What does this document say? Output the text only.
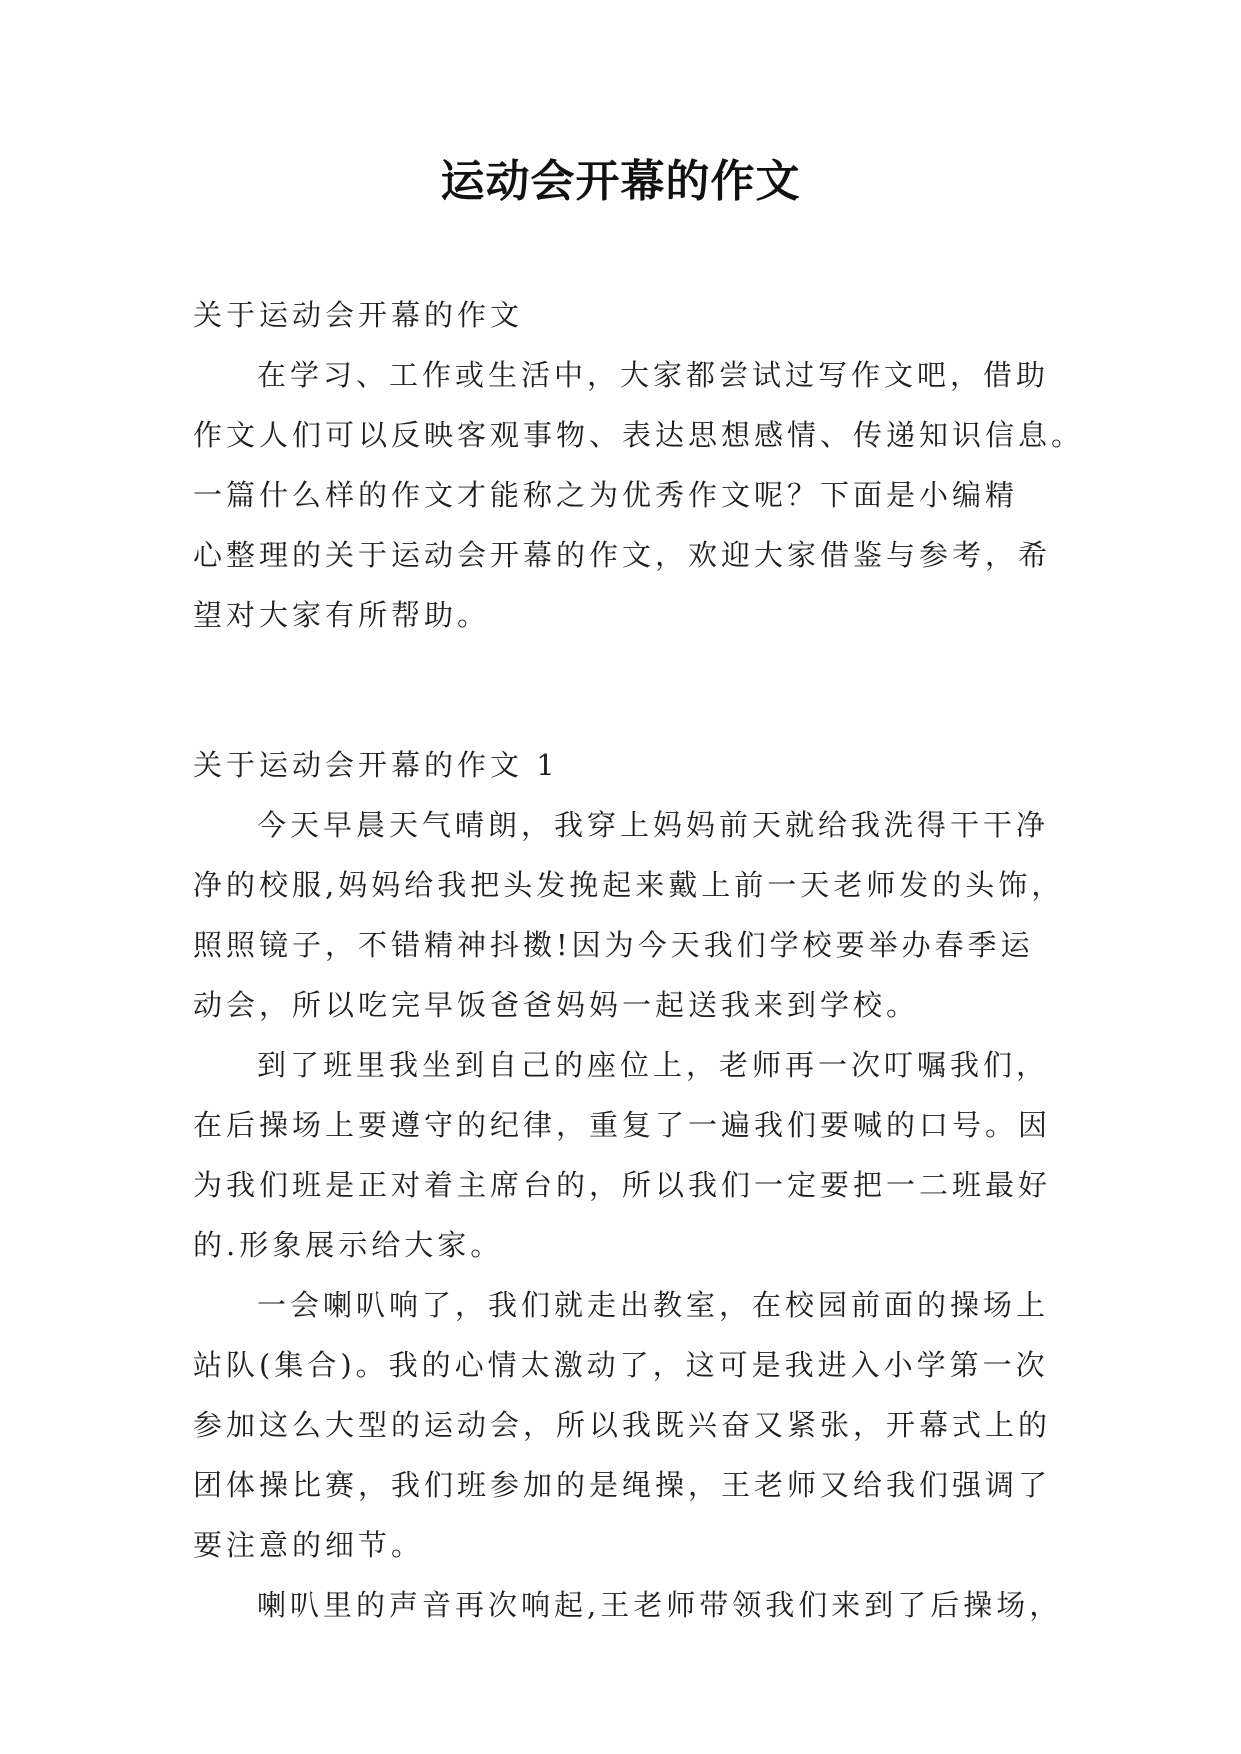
运动会开幕的作文
关于运动会开幕的作文
在学习、工作或生活中，大家都尝试过写作文吧，借助
作文人们可以反映客观事物、表达思想感情、传递知识信息。
一篇什么样的作文才能称之为优秀作文呢？下面是小编精
心整理的关于运动会开幕的作文，欢迎大家借鉴与参考，希
望对大家有所帮助。
关于运动会开幕的作文 1
今天早晨天气晴朗，我穿上妈妈前天就给我洗得干干净
净的校服,妈妈给我把头发挽起来戴上前一天老师发的头饰，
照照镜子，不错精神抖擞!因为今天我们学校要举办春季运
动会，所以吃完早饭爸爸妈妈一起送我来到学校。
到了班里我坐到自己的座位上，老师再一次叮嘱我们，
在后操场上要遵守的纪律，重复了一遍我们要喊的口号。因
为我们班是正对着主席台的，所以我们一定要把一二班最好
的.形象展示给大家。
一会喇叭响了，我们就走出教室，在校园前面的操场上
站队(集合)。我的心情太激动了，这可是我进入小学第一次
参加这么大型的运动会，所以我既兴奋又紧张，开幕式上的
团体操比赛，我们班参加的是绳操，王老师又给我们强调了
要注意的细节。
喇叭里的声音再次响起,王老师带领我们来到了后操场，
